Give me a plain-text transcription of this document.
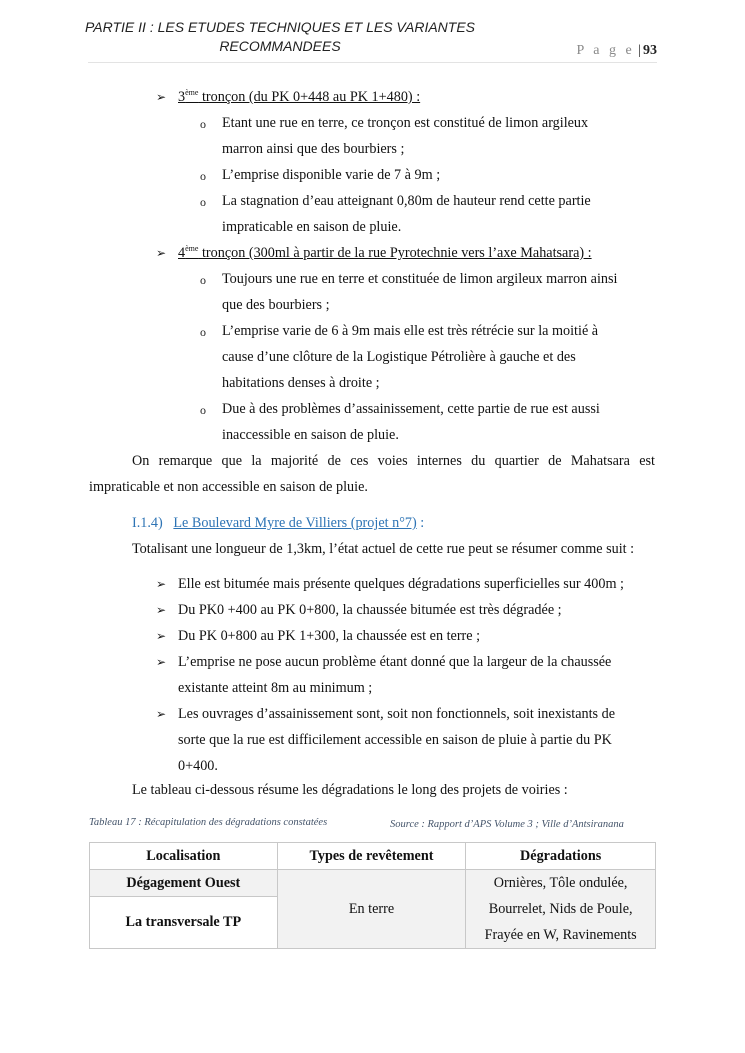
PARTIE II : LES ETUDES TECHNIQUES ET LES VARIANTES
RECOMMANDEES	P a g e | 93
➢ 3ème tronçon (du PK 0+448 au PK 1+480) :
o Etant une rue en terre, ce tronçon est constitué de limon argileux
marron ainsi que des bourbiers ;
o L’emprise disponible varie de 7 à 9m ;
o La stagnation d’eau atteignant 0,80m de hauteur rend cette partie
impraticable en saison de pluie.
➢ 4ème tronçon (300ml à partir de la rue Pyrotechnie vers l’axe Mahatsara) :
o Toujours une rue en terre et constituée de limon argileux marron ainsi
que des bourbiers ;
o L’emprise varie de 6 à 9m mais elle est très rétrécie sur la moitié à
cause d’une clôture de la Logistique Pétrolière à gauche et des
habitations denses à droite ;
o Due à des problèmes d’assainissement, cette partie de rue est aussi
inaccessible en saison de pluie.
On remarque que la majorité de ces voies internes du quartier de Mahatsara est
impraticable et non accessible en saison de pluie.
I.1.4) Le Boulevard Myre de Villiers (projet n°7) :
Totalisant une longueur de 1,3km, l’état actuel de cette rue peut se résumer comme suit :
➢ Elle est bitumée mais présente quelques dégradations superficielles sur 400m ;
➢ Du PK0 +400 au PK 0+800, la chaussée bitumée est très dégradée ;
➢ Du PK 0+800 au PK 1+300, la chaussée est en terre ;
➢ L’emprise ne pose aucun problème étant donné que la largeur de la chaussée
existante atteint 8m au minimum ;
➢ Les ouvrages d’assainissement sont, soit non fonctionnels, soit inexistants de
sorte que la rue est difficilement accessible en saison de pluie à partie du PK
0+400.
Le tableau ci-dessous résume les dégradations le long des projets de voiries :
Tableau 17 : Récapitulation des dégradations constatées	Source : Rapport d’APS Volume 3 ; Ville d’Antsiranana
Localisation	Types de revêtement	Dégradations
Dégagement Ouest	En terre	Ornières, Tôle ondulée,
Bourrelet, Nids de Poule,
Frayée en W, Ravinements

La transversale TP		
